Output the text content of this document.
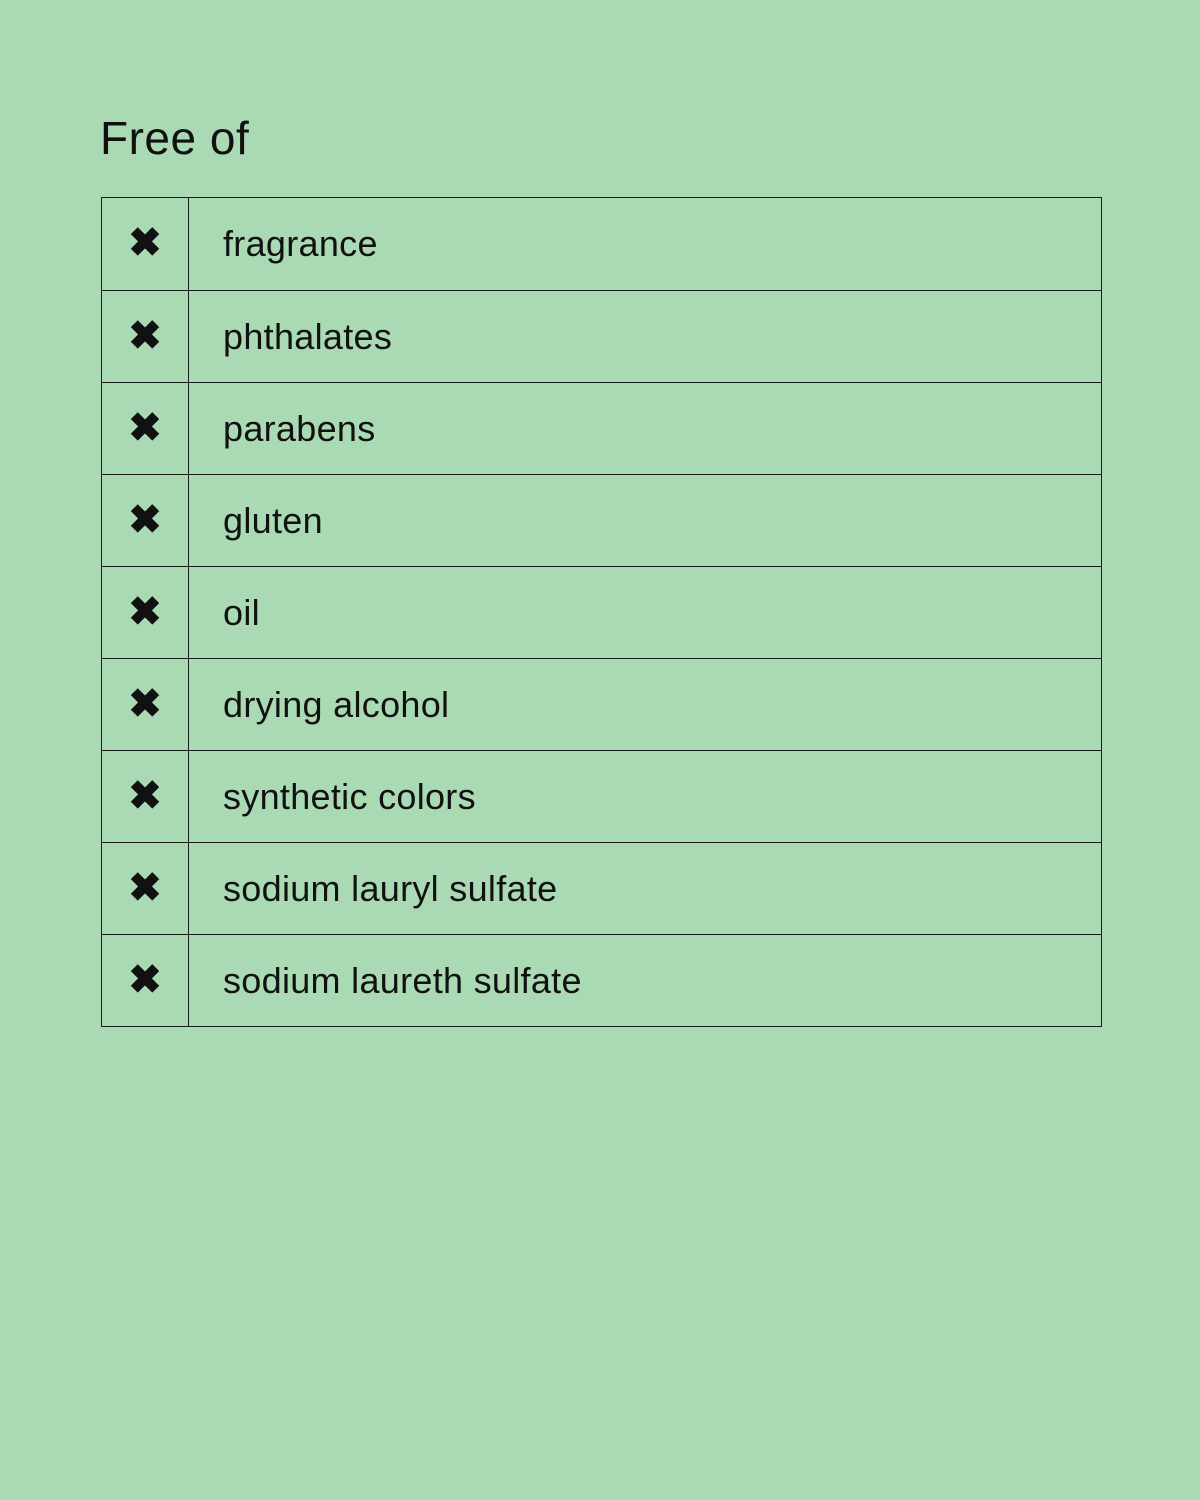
Free of
✖	fragrance
✖	phthalates
✖	parabens
✖	gluten
✖	oil
✖	drying alcohol
✖	synthetic colors
✖	sodium lauryl sulfate
✖	sodium laureth sulfate
